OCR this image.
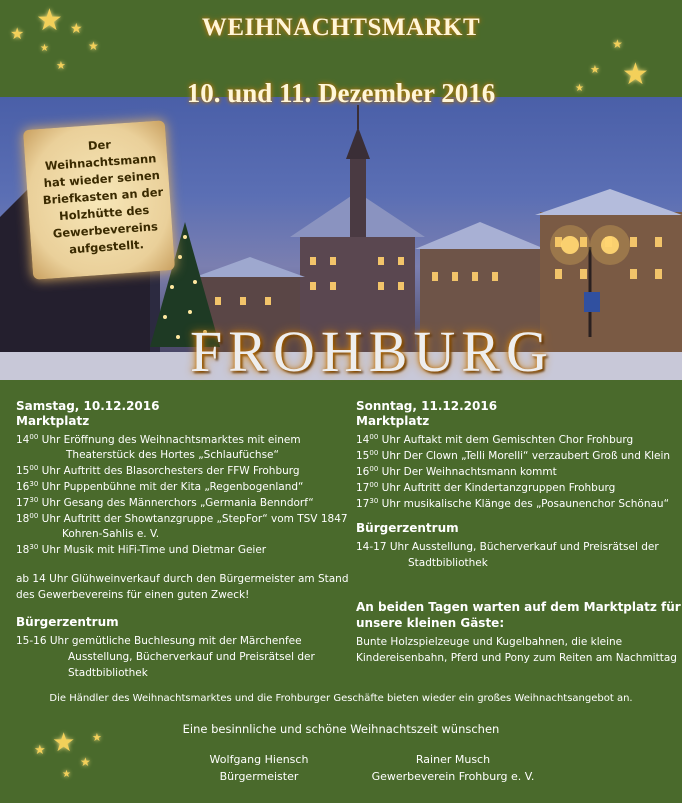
★
★	★
★
★
★	★
★
★
★
★
★
★
★
★
WEIHNACHTSMARKT
10. und 11. Dezember 2016
Der
Weihnachtsmann
hat wieder seinen
Briefkasten an der
Holzhütte des
Gewerbevereins
aufgestellt.
FROHBURG
Samstag, 10.12.2016
Marktplatz
$14^{00}$ Uhr Eröffnung des Weihnachtsmarktes mit einem
Theaterstück des Hortes „Schlaufüchse“
$15^{00}$ Uhr Auftritt des Blasorchesters der FFW Frohburg
$16^{30}$ Uhr Puppenbühne mit der Kita „Regenbogenland“
$17^{30}$ Uhr Gesang des Männerchors „Germania Benndorf“
$18^{00}$ Uhr Auftritt der Showtanzgruppe „StepFor“ vom TSV 1847
Kohren-Sahlis e. V.
$18^{30}$ Uhr Musik mit HiFi-Time und Dietmar Geier
ab 14 Uhr Glühweinverkauf durch den Bürgermeister am Stand
des Gewerbevereins für einen guten Zweck!
Bürgerzentrum
15-16 Uhr gemütliche Buchlesung mit der Märchenfee
Ausstellung, Bücherverkauf und Preisrätsel der
Stadtbibliothek
Sonntag, 11.12.2016
Marktplatz
$14^{00}$ Uhr Auftakt mit dem Gemischten Chor Frohburg
$15^{00}$ Uhr Der Clown „Telli Morelli“ verzaubert Groß und Klein
$16^{00}$ Uhr Der Weihnachtsmann kommt
$17^{00}$ Uhr Auftritt der Kindertanzgruppen Frohburg
$17^{30}$ Uhr musikalische Klänge des „Posaunenchor Schönau“
Bürgerzentrum
14-17 Uhr Ausstellung, Bücherverkauf und Preisrätsel der
Stadtbibliothek
An beiden Tagen warten auf dem Marktplatz für
unsere kleinen Gäste:
Bunte Holzspielzeuge und Kugelbahnen, die kleine
Kindereisenbahn, Pferd und Pony zum Reiten am Nachmittag
Die Händler des Weihnachtsmarktes und die Frohburger Geschäfte bieten wieder ein großes Weihnachtsangebot an.
Eine besinnliche und schöne Weihnachtszeit wünschen
Wolfgang Hiensch
Bürgermeister
Rainer Musch
Gewerbeverein Frohburg e. V.
